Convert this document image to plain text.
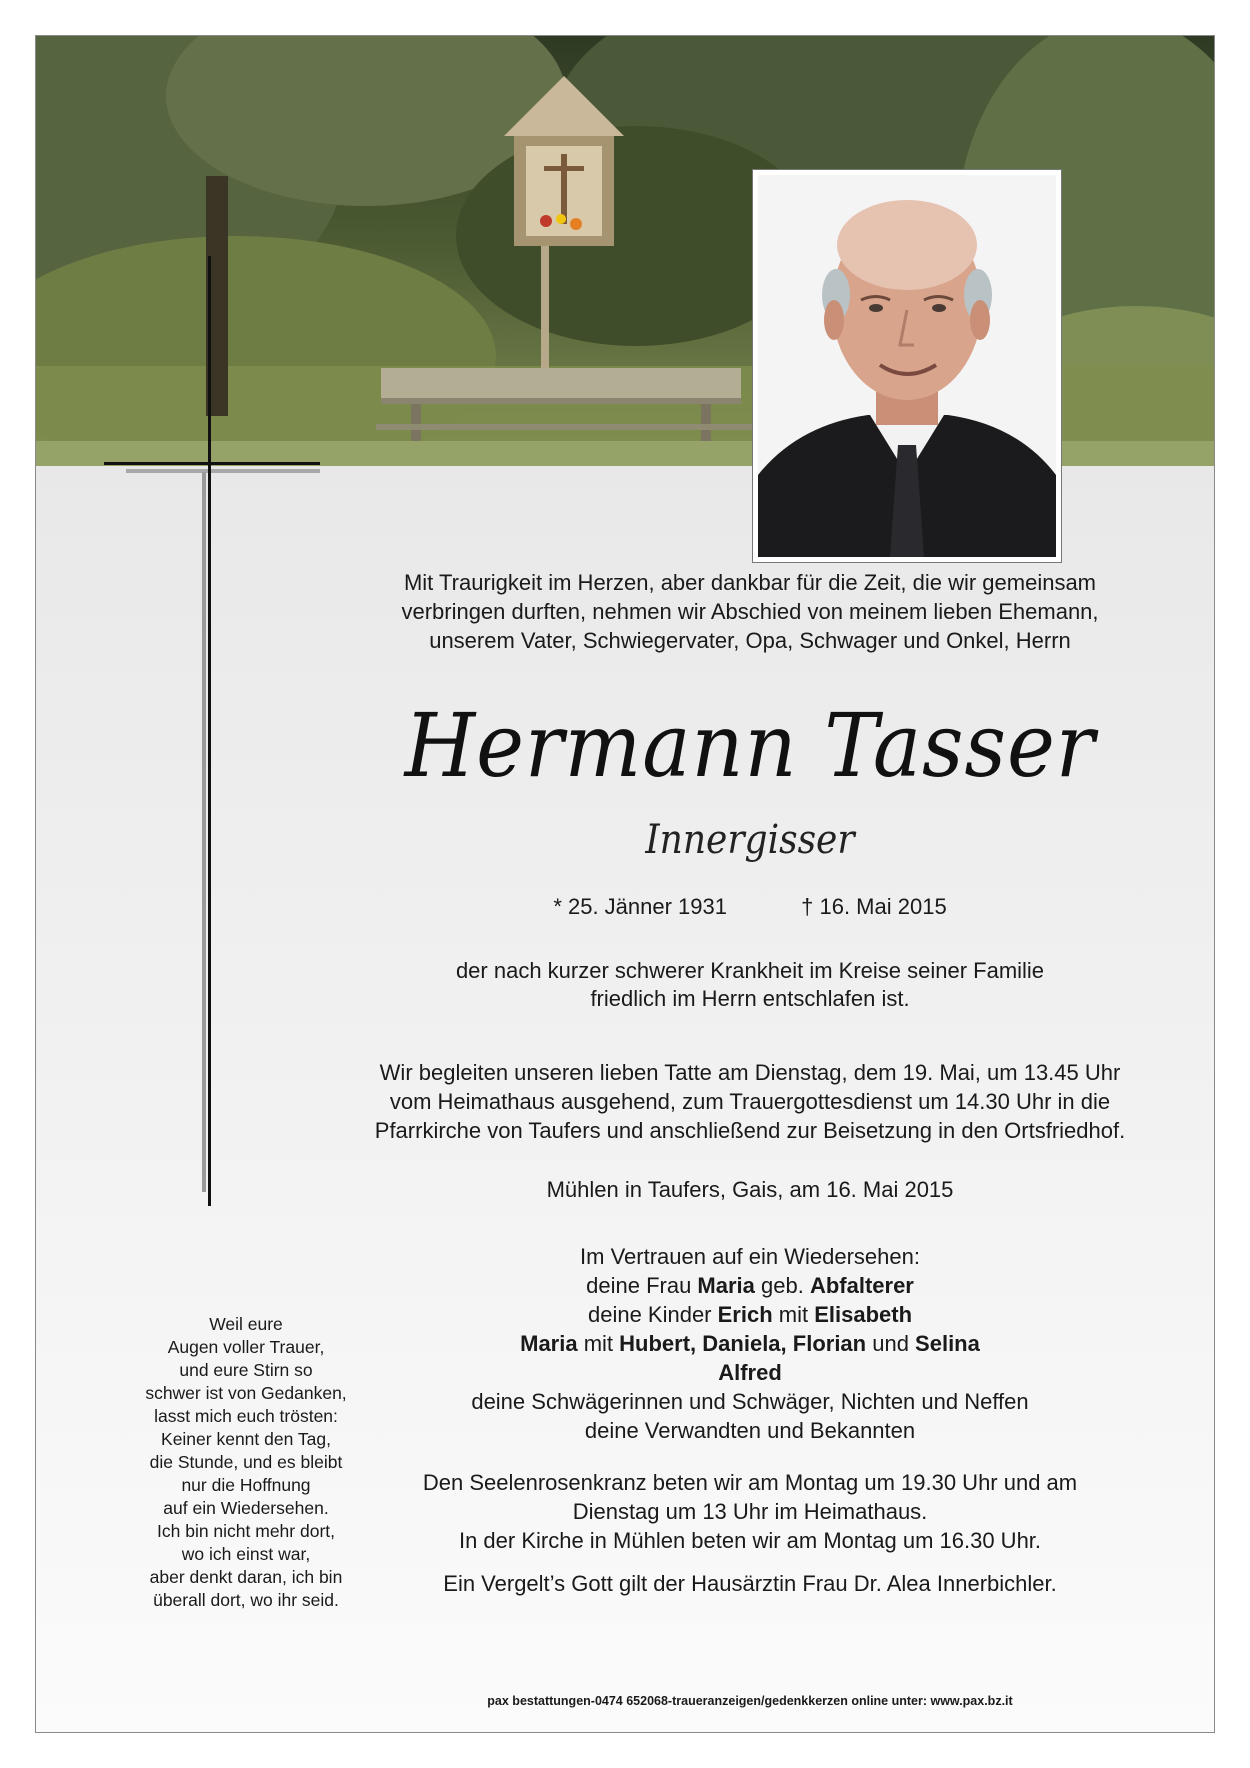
Weil eure
Augen voller Trauer,
und eure Stirn so
schwer ist von Gedanken,
lasst mich euch trösten:
Keiner kennt den Tag,
die Stunde, und es bleibt
nur die Hoffnung
auf ein Wiedersehen.
Ich bin nicht mehr dort,
wo ich einst war,
aber denkt daran, ich bin
überall dort, wo ihr seid.
Mit Traurigkeit im Herzen, aber dankbar für die Zeit, die wir gemeinsam
verbringen durften, nehmen wir Abschied von meinem lieben Ehemann,
unserem Vater, Schwiegervater, Opa, Schwager und Onkel, Herrn
Hermann Tasser
Innergisser
* 25. Jänner 1931	† 16. Mai 2015
der nach kurzer schwerer Krankheit im Kreise seiner Familie
friedlich im Herrn entschlafen ist.
Wir begleiten unseren lieben Tatte am Dienstag, dem 19. Mai, um 13.45 Uhr
vom Heimathaus ausgehend, zum Trauergottesdienst um 14.30 Uhr in die
Pfarrkirche von Taufers und anschließend zur Beisetzung in den Ortsfriedhof.
Mühlen in Taufers, Gais, am 16. Mai 2015
Im Vertrauen auf ein Wiedersehen:
deine Frau Maria geb. Abfalterer
deine Kinder Erich mit Elisabeth
Maria mit Hubert, Daniela, Florian und Selina
Alfred
deine Schwägerinnen und Schwäger, Nichten und Neffen
deine Verwandten und Bekannten
Den Seelenrosenkranz beten wir am Montag um 19.30 Uhr und am
Dienstag um 13 Uhr im Heimathaus.
In der Kirche in Mühlen beten wir am Montag um 16.30 Uhr.
Ein Vergelt’s Gott gilt der Hausärztin Frau Dr. Alea Innerbichler.
pax bestattungen-0474 652068-traueranzeigen/gedenkkerzen online unter: www.pax.bz.it
